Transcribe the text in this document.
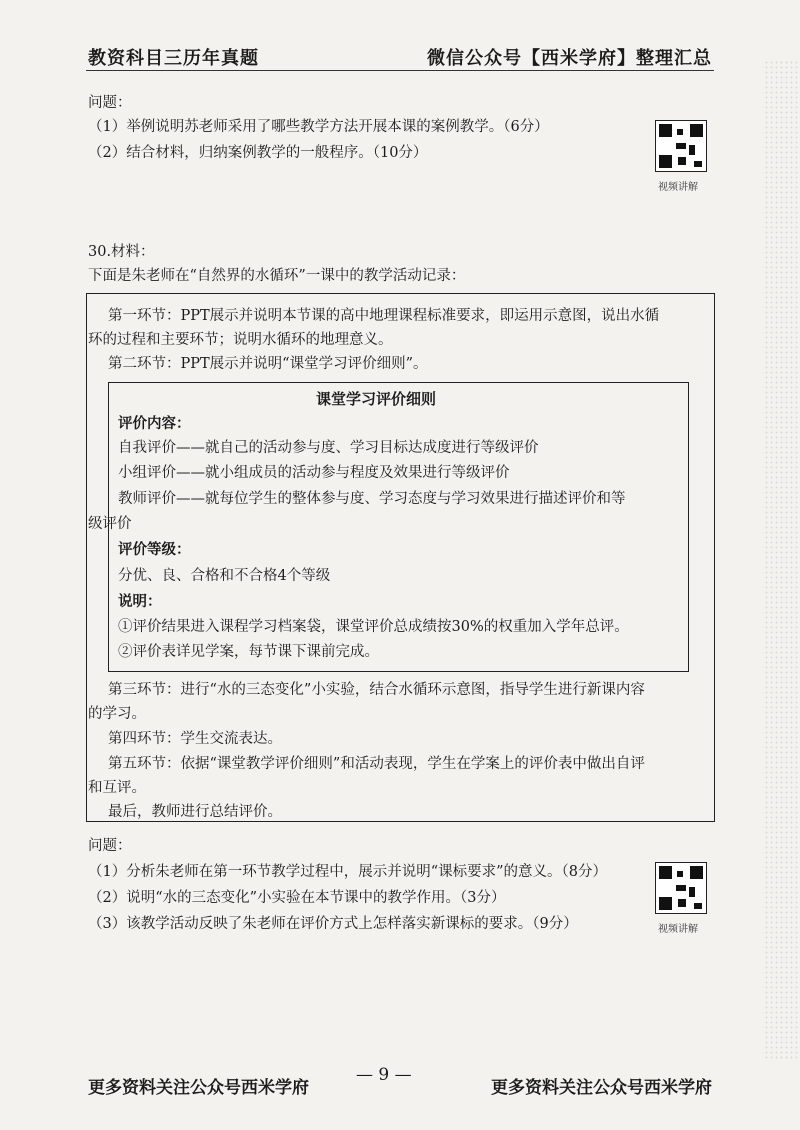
教资科目三历年真题	微信公众号【西米学府】整理汇总
问题：
（1）举例说明苏老师采用了哪些教学方法开展本课的案例教学。（6分）
（2）结合材料，归纳案例教学的一般程序。（10分）
视频讲解
30.材料：
下面是朱老师在“自然界的水循环”一课中的教学活动记录：
第一环节：PPT展示并说明本节课的高中地理课程标准要求，即运用示意图，说出水循
环的过程和主要环节；说明水循环的地理意义。
第二环节：PPT展示并说明“课堂学习评价细则”。
课堂学习评价细则
评价内容：
自我评价——就自己的活动参与度、学习目标达成度进行等级评价
小组评价——就小组成员的活动参与程度及效果进行等级评价
教师评价——就每位学生的整体参与度、学习态度与学习效果进行描述评价和等
级评价
评价等级：
分优、良、合格和不合格4个等级
说明：
①评价结果进入课程学习档案袋，课堂评价总成绩按30%的权重加入学年总评。
②评价表详见学案，每节课下课前完成。
第三环节：进行“水的三态变化”小实验，结合水循环示意图，指导学生进行新课内容
的学习。
第四环节：学生交流表达。
第五环节：依据“课堂教学评价细则”和活动表现，学生在学案上的评价表中做出自评
和互评。
最后，教师进行总结评价。
问题：
（1）分析朱老师在第一环节教学过程中，展示并说明“课标要求”的意义。（8分）
（2）说明“水的三态变化”小实验在本节课中的教学作用。（3分）
（3）该教学活动反映了朱老师在评价方式上怎样落实新课标的要求。（9分）	视频讲解
更多资料关注公众号西米学府
— 9 —
更多资料关注公众号西米学府
